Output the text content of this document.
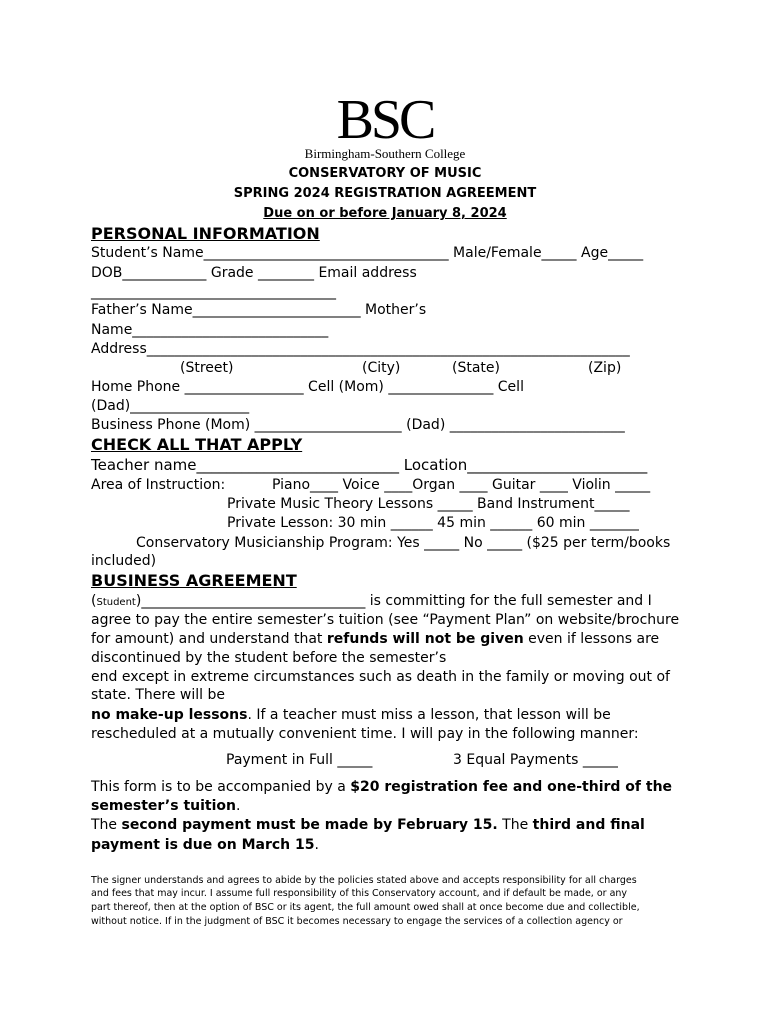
BSC
Birmingham-Southern College
CONSERVATORY OF MUSIC
SPRING 2024 REGISTRATION AGREEMENT
Due on or before January 8, 2024
PERSONAL INFORMATION
Student’s Name___________________________________ Male/Female_____ Age_____
DOB____________ Grade ________ Email address
___________________________________
Father’s Name________________________ Mother’s
Name____________________________
Address_____________________________________________________________________
(Street)	(City)	(State)	(Zip)
Home Phone _________________ Cell (Mom) _______________ Cell
(Dad)_________________
Business Phone (Mom) _____________________ (Dad) _________________________
CHECK ALL THAT APPLY
Teacher name___________________________ Location________________________
Area of Instruction:	Piano____ Voice ____Organ ____ Guitar ____ Violin _____
Private Music Theory Lessons _____ Band Instrument_____
Private Lesson: 30 min ______ 45 min ______ 60 min _______
Conservatory Musicianship Program: Yes _____ No _____ ($25 per term/books
included)
BUSINESS AGREEMENT
(Student)________________________________ is committing for the full semester and I
agree to pay the entire semester’s tuition (see “Payment Plan” on website/brochure
for amount) and understand that refunds will not be given even if lessons are
discontinued by the student before the semester’s
end except in extreme circumstances such as death in the family or moving out of
state. There will be
no make-up lessons. If a teacher must miss a lesson, that lesson will be
rescheduled at a mutually convenient time. I will pay in the following manner:
Payment in Full _____	3 Equal Payments _____
This form is to be accompanied by a $20 registration fee and one-third of the
semester’s tuition.
The second payment must be made by February 15. The third and final
payment is due on March 15.
The signer understands and agrees to abide by the policies stated above and accepts responsibility for all charges
and fees that may incur. I assume full responsibility of this Conservatory account, and if default be made, or any
part thereof, then at the option of BSC or its agent, the full amount owed shall at once become due and collectible,
without notice. If in the judgment of BSC it becomes necessary to engage the services of a collection agency or
